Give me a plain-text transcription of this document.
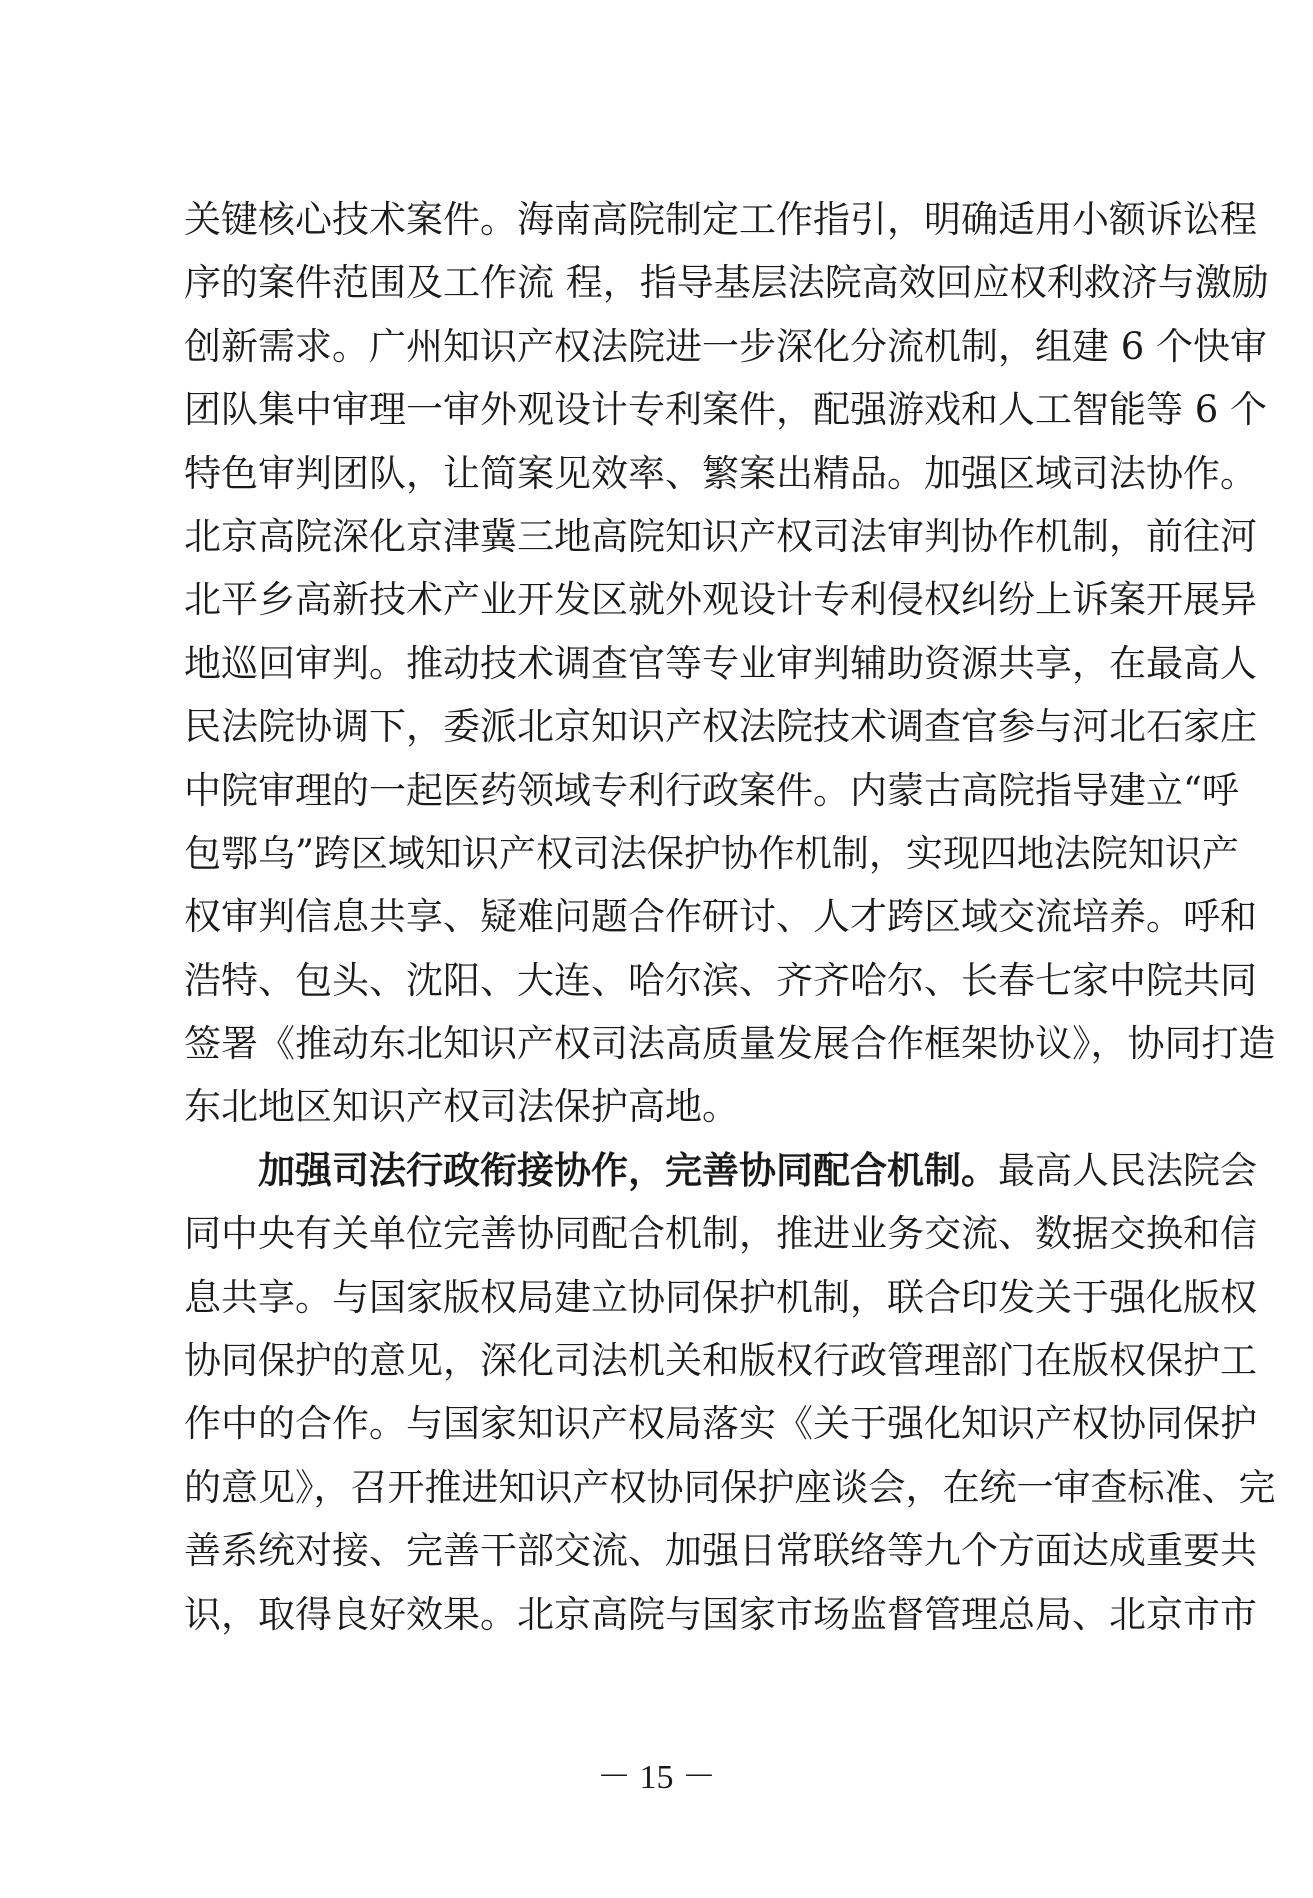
关键核心技术案件。海南高院制定工作指引，明确适用小额诉讼程
序的案件范围及工作流 程，指导基层法院高效回应权利救济与激励
创新需求。广州知识产权法院进一步深化分流机制，组建 6 个快审
团队集中审理一审外观设计专利案件，配强游戏和人工智能等 6 个
特色审判团队，让简案见效率、繁案出精品。加强区域司法协作。
北京高院深化京津冀三地高院知识产权司法审判协作机制，前往河
北平乡高新技术产业开发区就外观设计专利侵权纠纷上诉案开展异
地巡回审判。推动技术调查官等专业审判辅助资源共享，在最高人
民法院协调下，委派北京知识产权法院技术调查官参与河北石家庄
中院审理的一起医药领域专利行政案件。内蒙古高院指导建立“呼
包鄂乌”跨区域知识产权司法保护协作机制，实现四地法院知识产
权审判信息共享、疑难问题合作研讨、人才跨区域交流培养。呼和
浩特、包头、沈阳、大连、哈尔滨、齐齐哈尔、长春七家中院共同
签署《推动东北知识产权司法高质量发展合作框架协议》，协同打造
东北地区知识产权司法保护高地。
加强司法行政衔接协作，完善协同配合机制。最高人民法院会
同中央有关单位完善协同配合机制，推进业务交流、数据交换和信
息共享。与国家版权局建立协同保护机制，联合印发关于强化版权
协同保护的意见，深化司法机关和版权行政管理部门在版权保护工
作中的合作。与国家知识产权局落实《关于强化知识产权协同保护
的意见》，召开推进知识产权协同保护座谈会，在统一审查标准、完
善系统对接、完善干部交流、加强日常联络等九个方面达成重要共
识，取得良好效果。北京高院与国家市场监督管理总局、北京市市
－ 15 －
